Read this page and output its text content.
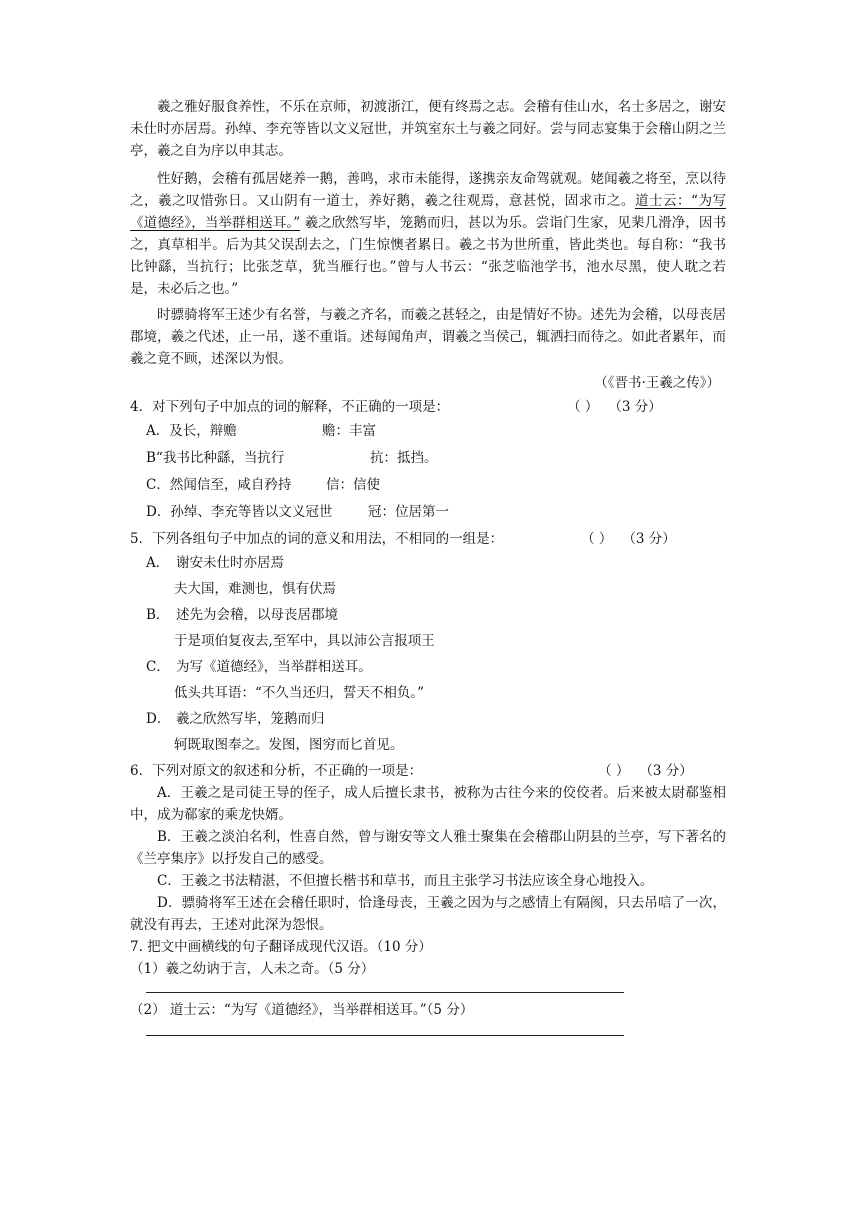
羲之雅好服食养性，不乐在京师，初渡浙江，便有终焉之志。会稽有佳山水，名士多居之，谢安未仕时亦居焉。孙绰、李充等皆以文义冠世，并筑室东土与羲之同好。尝与同志宴集于会稽山阴之兰亭，羲之自为序以申其志。

性好鹅，会稽有孤居姥养一鹅，善鸣，求市未能得，遂携亲友命驾就观。姥闻羲之将至，烹以待之，羲之叹惜弥日。又山阴有一道士，养好鹅，羲之往观焉，意甚悦，固求市之。道士云：“为写《道德经》，当举群相送耳。” 羲之欣然写毕，笼鹅而归，甚以为乐。尝诣门生家，见棐几滑净，因书之，真草相半。后为其父误刮去之，门生惊懊者累日。羲之书为世所重，皆此类也。每自称：“我书比钟繇，当抗行；比张芝草，犹当雁行也。”曾与人书云：“张芝临池学书，池水尽黑，使人耽之若是，未必后之也。”

时骠骑将军王述少有名誉，与羲之齐名，而羲之甚轻之，由是情好不协。述先为会稽，以母丧居郡境，羲之代述，止一吊，遂不重诣。述每闻角声，谓羲之当侯己，辄洒扫而待之。如此者累年，而羲之竟不顾，述深以为恨。

（《晋书·王羲之传》）

4．对下列句子中加点的词的解释，不正确的一项是：	（ ） （3 分）

A．及长，辩赡	赡：丰富

B“我书比种繇，当抗行	抗：抵挡。

C．然闻信至，咸自矜持	信：信使

D．孙绰、李充等皆以文义冠世	冠：位居第一

5．下列各组句子中加点的词的意义和用法，不相同的一组是：	（ ） （3 分）

A． 谢安未仕时亦居焉

夫大国，难测也，惧有伏焉

B． 述先为会稽，以母丧居郡境

于是项伯复夜去,至军中，具以沛公言报项王

C． 为写《道德经》，当举群相送耳。

低头共耳语：“不久当还归，誓天不相负。”

D． 羲之欣然写毕，笼鹅而归

轲既取图奉之。发图，图穷而匕首见。

6．下列对原文的叙述和分析，不正确的一项是：	（ ） （3 分）

A．王羲之是司徒王导的侄子，成人后擅长隶书，被称为古往今来的佼佼者。后来被太尉郗鉴相中，成为郗家的乘龙快婿。

B．王羲之淡泊名利，性喜自然，曾与谢安等文人雅士聚集在会稽郡山阴县的兰亭，写下著名的《兰亭集序》以抒发自己的感受。

C．王羲之书法精湛，不但擅长楷书和草书，而且主张学习书法应该全身心地投入。

D．骠骑将军王述在会稽任职时，恰逢母丧，王羲之因为与之感情上有隔阂，只去吊唁了一次，就没有再去，王述对此深为怨恨。

7. 把文中画横线的句子翻译成现代汉语。（10 分）

（1）羲之幼讷于言，人未之奇。（5 分）

（2） 道士云：“为写《道德经》，当举群相送耳。”（5 分）
